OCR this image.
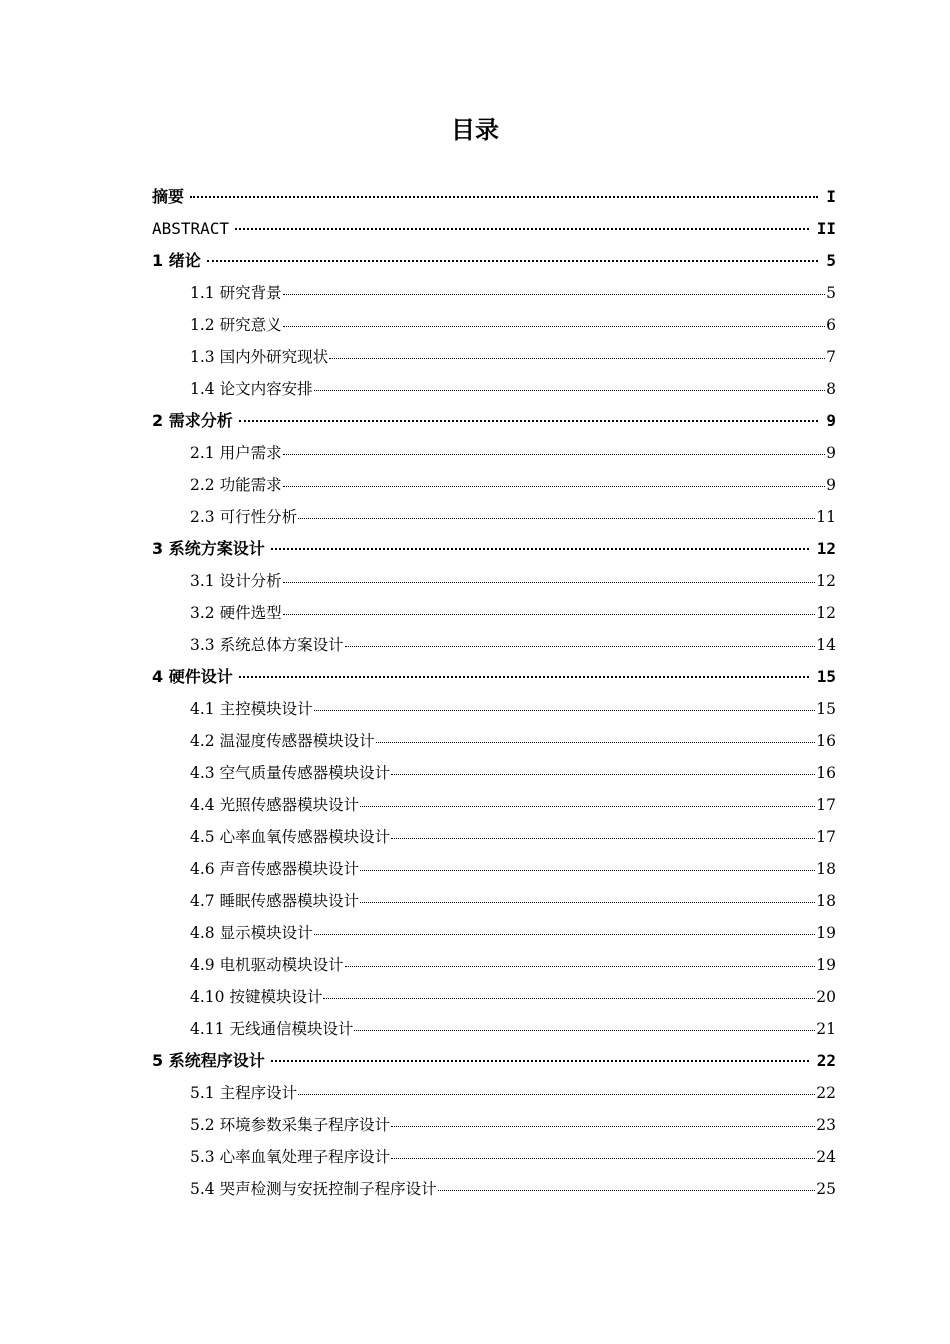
目录
摘要	I
ABSTRACT	II
1 绪论	5
1.1 研究背景	5
1.2 研究意义	6
1.3 国内外研究现状	7
1.4 论文内容安排	8
2 需求分析	9
2.1 用户需求	9
2.2 功能需求	9
2.3 可行性分析	11
3 系统方案设计	12
3.1 设计分析	12
3.2 硬件选型	12
3.3 系统总体方案设计	14
4 硬件设计	15
4.1 主控模块设计	15
4.2 温湿度传感器模块设计	16
4.3 空气质量传感器模块设计	16
4.4 光照传感器模块设计	17
4.5 心率血氧传感器模块设计	17
4.6 声音传感器模块设计	18
4.7 睡眠传感器模块设计	18
4.8 显示模块设计	19
4.9 电机驱动模块设计	19
4.10 按键模块设计	20
4.11 无线通信模块设计	21
5 系统程序设计	22
5.1 主程序设计	22
5.2 环境参数采集子程序设计	23
5.3 心率血氧处理子程序设计	24
5.4 哭声检测与安抚控制子程序设计	25
